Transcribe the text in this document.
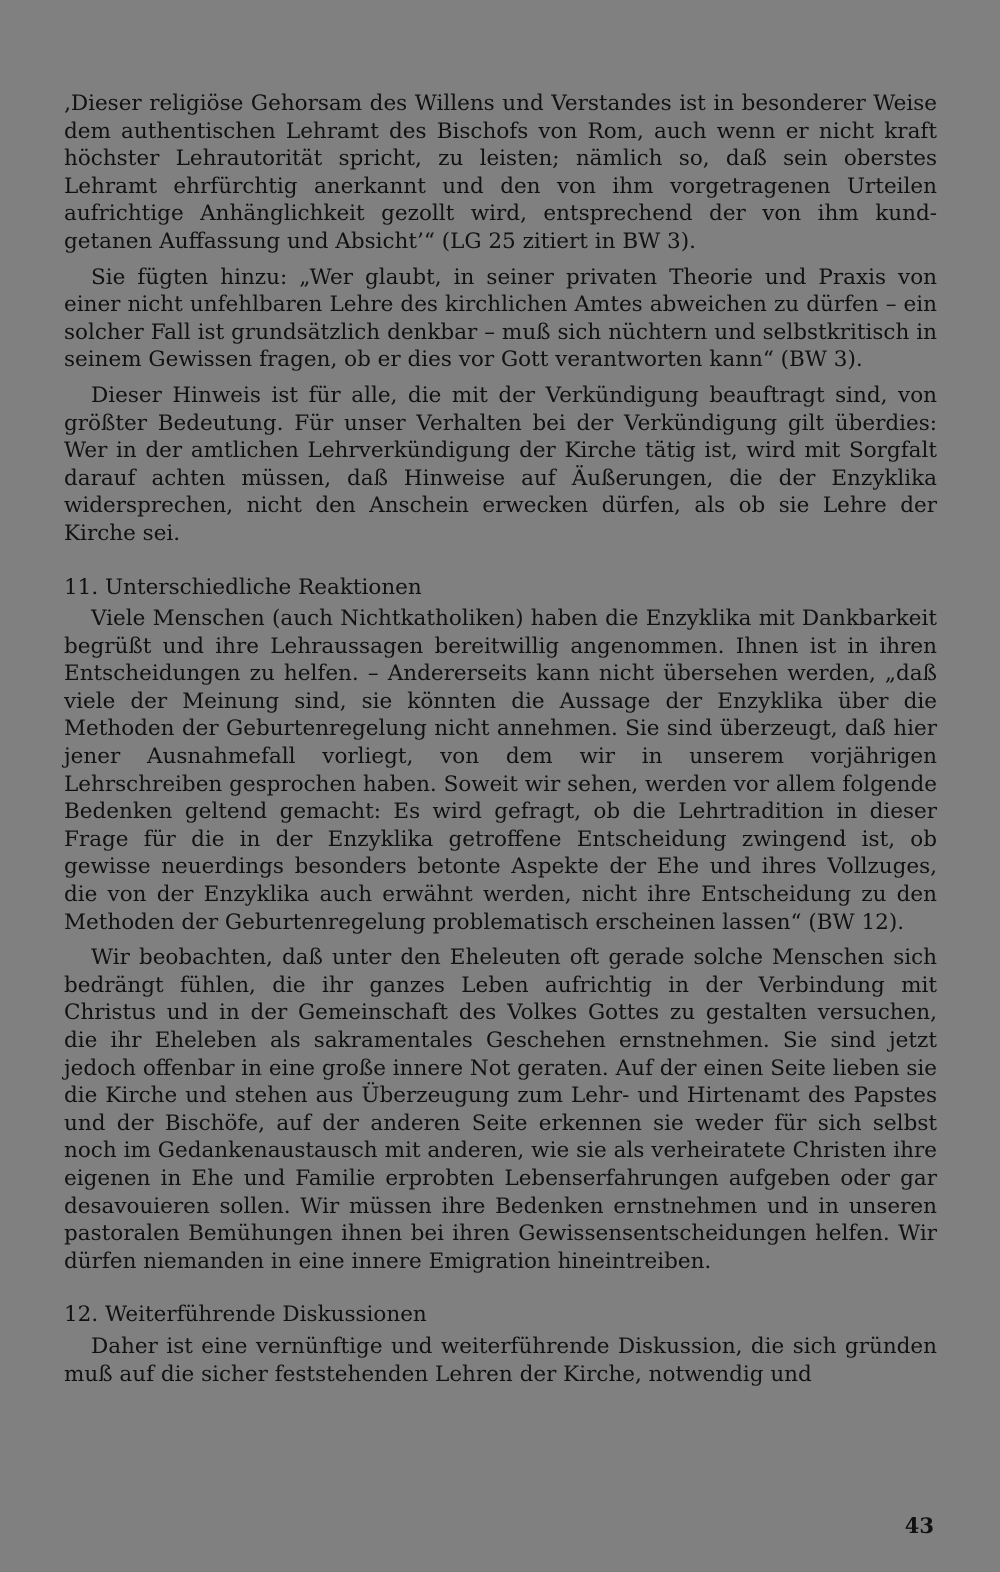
‚Dieser religiöse Gehorsam des Willens und Verstandes ist in besonderer Weise dem authentischen Lehramt des Bischofs von Rom, auch wenn er nicht kraft höchster Lehrautorität spricht, zu leisten; nämlich so, daß sein oberstes Lehramt ehrfürchtig anerkannt und den von ihm vorgetragenen Urteilen aufrichtige Anhänglichkeit gezollt wird, entsprechend der von ihm kundgetanen Auffassung und Absicht’“ (LG 25 zitiert in BW 3).

Sie fügten hinzu: „Wer glaubt, in seiner privaten Theorie und Praxis von einer nicht unfehlbaren Lehre des kirchlichen Amtes abweichen zu dürfen – ein solcher Fall ist grundsätzlich denkbar – muß sich nüchtern und selbstkritisch in seinem Gewissen fragen, ob er dies vor Gott verantworten kann“ (BW 3).

Dieser Hinweis ist für alle, die mit der Verkündigung beauftragt sind, von größter Bedeutung. Für unser Verhalten bei der Verkündigung gilt überdies: Wer in der amtlichen Lehrverkündigung der Kirche tätig ist, wird mit Sorgfalt darauf achten müssen, daß Hinweise auf Äußerungen, die der Enzyklika widersprechen, nicht den Anschein erwecken dürfen, als ob sie Lehre der Kirche sei.

11. Unterschiedliche Reaktionen

Viele Menschen (auch Nichtkatholiken) haben die Enzyklika mit Dankbarkeit begrüßt und ihre Lehraussagen bereitwillig angenommen. Ihnen ist in ihren Entscheidungen zu helfen. – Andererseits kann nicht übersehen werden, „daß viele der Meinung sind, sie könnten die Aussage der Enzyklika über die Methoden der Geburtenregelung nicht annehmen. Sie sind überzeugt, daß hier jener Ausnahmefall vorliegt, von dem wir in unserem vorjährigen Lehrschreiben gesprochen haben. Soweit wir sehen, werden vor allem folgende Bedenken geltend gemacht: Es wird gefragt, ob die Lehrtradition in dieser Frage für die in der Enzyklika getroffene Entscheidung zwingend ist, ob gewisse neuerdings besonders betonte Aspekte der Ehe und ihres Vollzuges, die von der Enzyklika auch erwähnt werden, nicht ihre Entscheidung zu den Methoden der Geburtenregelung problematisch erscheinen lassen“ (BW 12).

Wir beobachten, daß unter den Eheleuten oft gerade solche Menschen sich bedrängt fühlen, die ihr ganzes Leben aufrichtig in der Verbindung mit Christus und in der Gemeinschaft des Volkes Gottes zu gestalten versuchen, die ihr Eheleben als sakramentales Geschehen ernstnehmen. Sie sind jetzt jedoch offenbar in eine große innere Not geraten. Auf der einen Seite lieben sie die Kirche und stehen aus Überzeugung zum Lehr- und Hirtenamt des Papstes und der Bischöfe, auf der anderen Seite erkennen sie weder für sich selbst noch im Gedankenaustausch mit anderen, wie sie als verheiratete Christen ihre eigenen in Ehe und Familie erprobten Lebenserfahrungen aufgeben oder gar desavouieren sollen. Wir müssen ihre Bedenken ernstnehmen und in unseren pastoralen Bemühungen ihnen bei ihren Gewissensentscheidungen helfen. Wir dürfen niemanden in eine innere Emigration hineintreiben.

12. Weiterführende Diskussionen

Daher ist eine vernünftige und weiterführende Diskussion, die sich gründen muß auf die sicher feststehenden Lehren der Kirche, notwendig und

43
